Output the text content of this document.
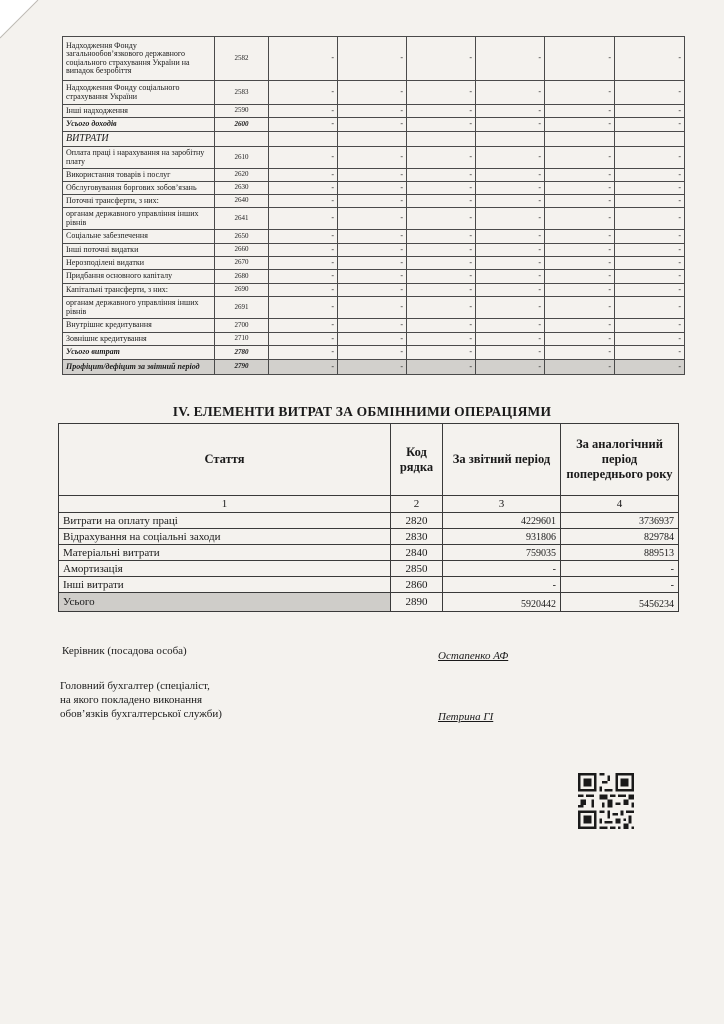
Надходження Фонду загальнообов’язкового державного соціального страхування України на випадок безробіття	2582	-	-	-	-	-	-
Надходження Фонду соціального страхування України	2583	-	-	-	-	-	-
Інші надходження	2590	-	-	-	-	-	-
Усього доходів	2600	-	-	-	-	-	-
ВИТРАТИ							
Оплата праці і нарахування на заробітну плату	2610	-	-	-	-	-	-
Використання товарів і послуг	2620	-	-	-	-	-	-
Обслуговування боргових зобов’язань	2630	-	-	-	-	-	-
Поточні трансферти, з них:	2640	-	-	-	-	-	-
органам державного управління інших рівнів	2641	-	-	-	-	-	-
Соціальне забезпечення	2650	-	-	-	-	-	-
Інші поточні видатки	2660	-	-	-	-	-	-
Нерозподілені видатки	2670	-	-	-	-	-	-
Придбання основного капіталу	2680	-	-	-	-	-	-
Капітальні трансферти, з них:	2690	-	-	-	-	-	-
органам державного управління інших рівнів	2691	-	-	-	-	-	-
Внутрішнє кредитування	2700	-	-	-	-	-	-
Зовнішнє кредитування	2710	-	-	-	-	-	-
Усього витрат	2780	-	-	-	-	-	-
Профіцит/дефіцит за звітний період	2790	-	-	-	-	-	-
IV. ЕЛЕМЕНТИ ВИТРАТ ЗА ОБМІННИМИ ОПЕРАЦІЯМИ
Стаття	Код рядка	За звітний період	За аналогічний період попереднього року
1	2	3	4
Витрати на оплату праці	2820	4229601	3736937
Відрахування на соціальні заходи	2830	931806	829784
Матеріальні витрати	2840	759035	889513
Амортизація	2850	-	-
Інші витрати	2860	-	-
Усього	2890	5920442	5456234
Керівник (посадова особа)	Остапенко АФ
Головний бухгалтер (спеціаліст,
на якого покладено виконання
обов’язків бухгалтерської служби)	Петрина ГІ
